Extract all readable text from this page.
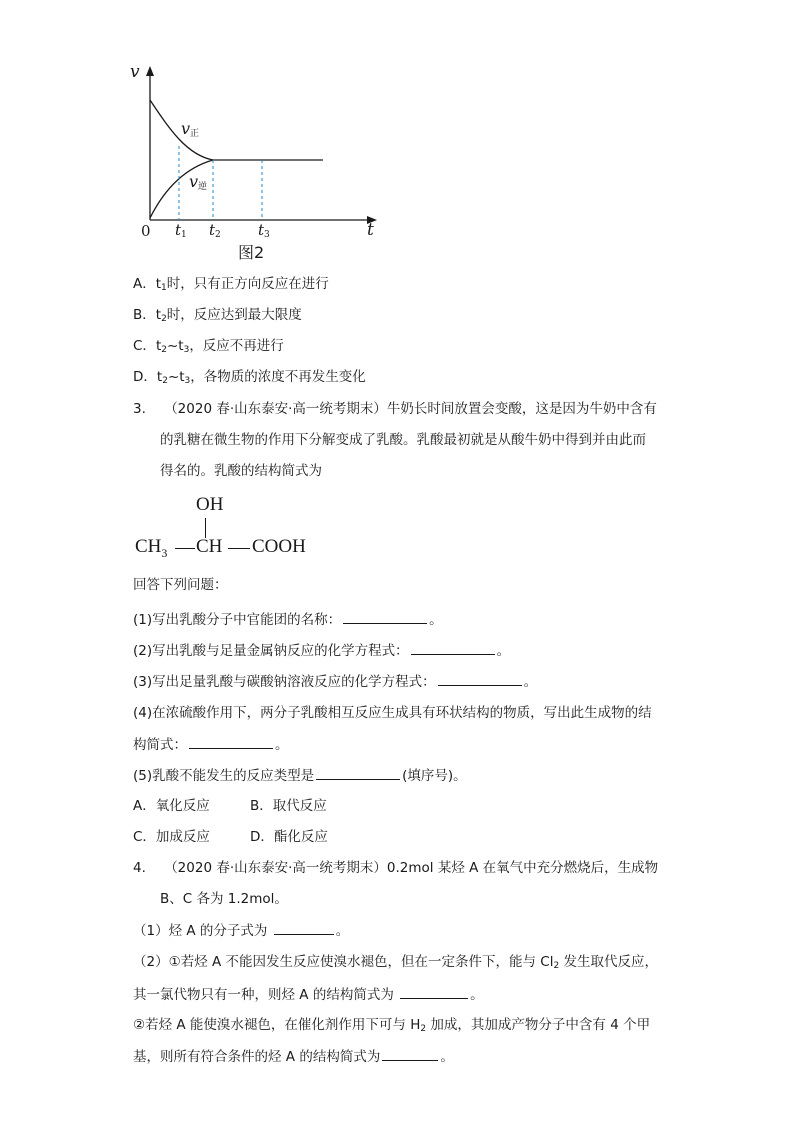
v
$v_正$
$v_逆$
0 $t_1$ $t_2$ $t_3$	t
图2
A．$t_1$时，只有正方向反应在进行
B．$t_2$时，反应达到最大限度
C．$t_2\sim t_3$，反应不再进行
D．$t_2\sim t_3$，各物质的浓度不再发生变化
3. （2020 春·山东泰安·高一统考期末）牛奶长时间放置会变酸，这是因为牛奶中含有
的乳糖在微生物的作用下分解变成了乳酸。乳酸最初就是从酸牛奶中得到并由此而
得名的。乳酸的结构简式为
OH
$CH_3$ CH COOH
回答下列问题：
(1)写出乳酸分子中官能团的名称：	。
(2)写出乳酸与足量金属钠反应的化学方程式：	。
(3)写出足量乳酸与碳酸钠溶液反应的化学方程式：	。
(4)在浓硫酸作用下，两分子乳酸相互反应生成具有环状结构的物质，写出此生成物的结
构简式：	。
(5)乳酸不能发生的反应类型是	(填序号)。
A．氧化反应	B．取代反应
C．加成反应	D．酯化反应
4. （2020 春·山东泰安·高一统考期末）0.2mol 某烃 A 在氧气中充分燃烧后，生成物
B、C 各为 1.2mol。
（1）烃 A 的分子式为	。
（2）①若烃 A 不能因发生反应使溴水褪色，但在一定条件下，能与 $Cl_2$ 发生取代反应，
其一氯代物只有一种，则烃 A 的结构简式为	。
②若烃 A 能使溴水褪色，在催化剂作用下可与 $H_2$ 加成，其加成产物分子中含有 4 个甲
基，则所有符合条件的烃 A 的结构简式为	。
